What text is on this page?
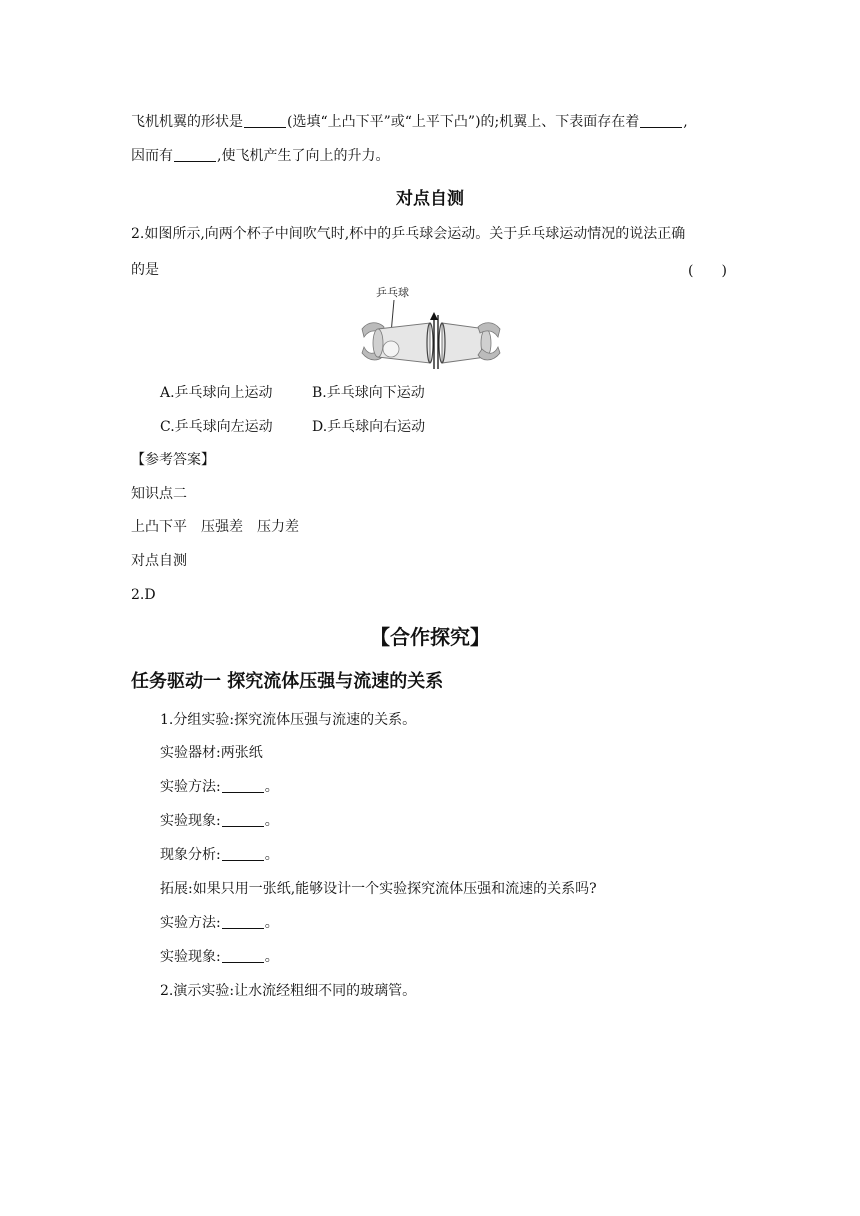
飞机机翼的形状是	(选填“上凸下平”或“上平下凸”)的;机翼上、下表面存在着	,
因而有	,使飞机产生了向上的升力。
对点自测
2.如图所示,向两个杯子中间吹气时,杯中的乒乓球会运动。关于乒乓球运动情况的说法正确
的是	(　　)
乒乓球
A.乒乓球向上运动	B.乒乓球向下运动
C.乒乓球向左运动	D.乒乓球向右运动
【参考答案】
知识点二
上凸下平　压强差　压力差
对点自测
2.D
【合作探究】
任务驱动一 探究流体压强与流速的关系
1.分组实验:探究流体压强与流速的关系。
实验器材:两张纸
实验方法:	。
实验现象:	。
现象分析:	。
拓展:如果只用一张纸,能够设计一个实验探究流体压强和流速的关系吗?
实验方法:	。
实验现象:	。
2.演示实验:让水流经粗细不同的玻璃管。
